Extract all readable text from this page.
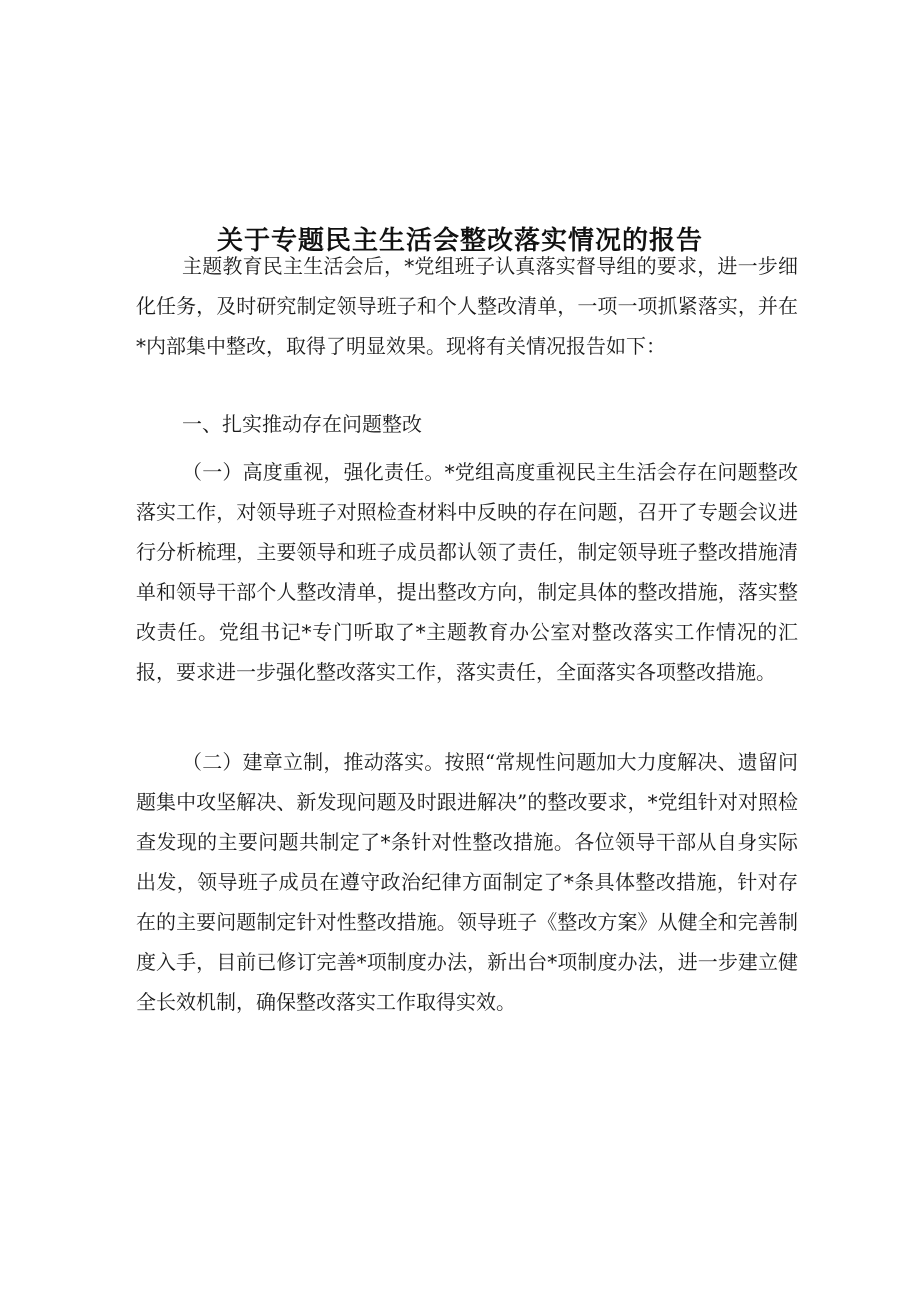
关于专题民主生活会整改落实情况的报告

主题教育民主生活会后，*党组班子认真落实督导组的要求，进一步细化任务，及时研究制定领导班子和个人整改清单，一项一项抓紧落实，并在*内部集中整改，取得了明显效果。现将有关情况报告如下：

一、扎实推动存在问题整改

（一）高度重视，强化责任。*党组高度重视民主生活会存在问题整改落实工作，对领导班子对照检查材料中反映的存在问题，召开了专题会议进行分析梳理，主要领导和班子成员都认领了责任，制定领导班子整改措施清单和领导干部个人整改清单，提出整改方向，制定具体的整改措施，落实整改责任。党组书记*专门听取了*主题教育办公室对整改落实工作情况的汇报，要求进一步强化整改落实工作，落实责任，全面落实各项整改措施。

（二）建章立制，推动落实。按照“常规性问题加大力度解决、遗留问题集中攻坚解决、新发现问题及时跟进解决”的整改要求，*党组针对对照检查发现的主要问题共制定了*条针对性整改措施。各位领导干部从自身实际出发，领导班子成员在遵守政治纪律方面制定了*条具体整改措施，针对存在的主要问题制定针对性整改措施。领导班子《整改方案》从健全和完善制度入手，目前已修订完善*项制度办法，新出台*项制度办法，进一步建立健全长效机制，确保整改落实工作取得实效。
